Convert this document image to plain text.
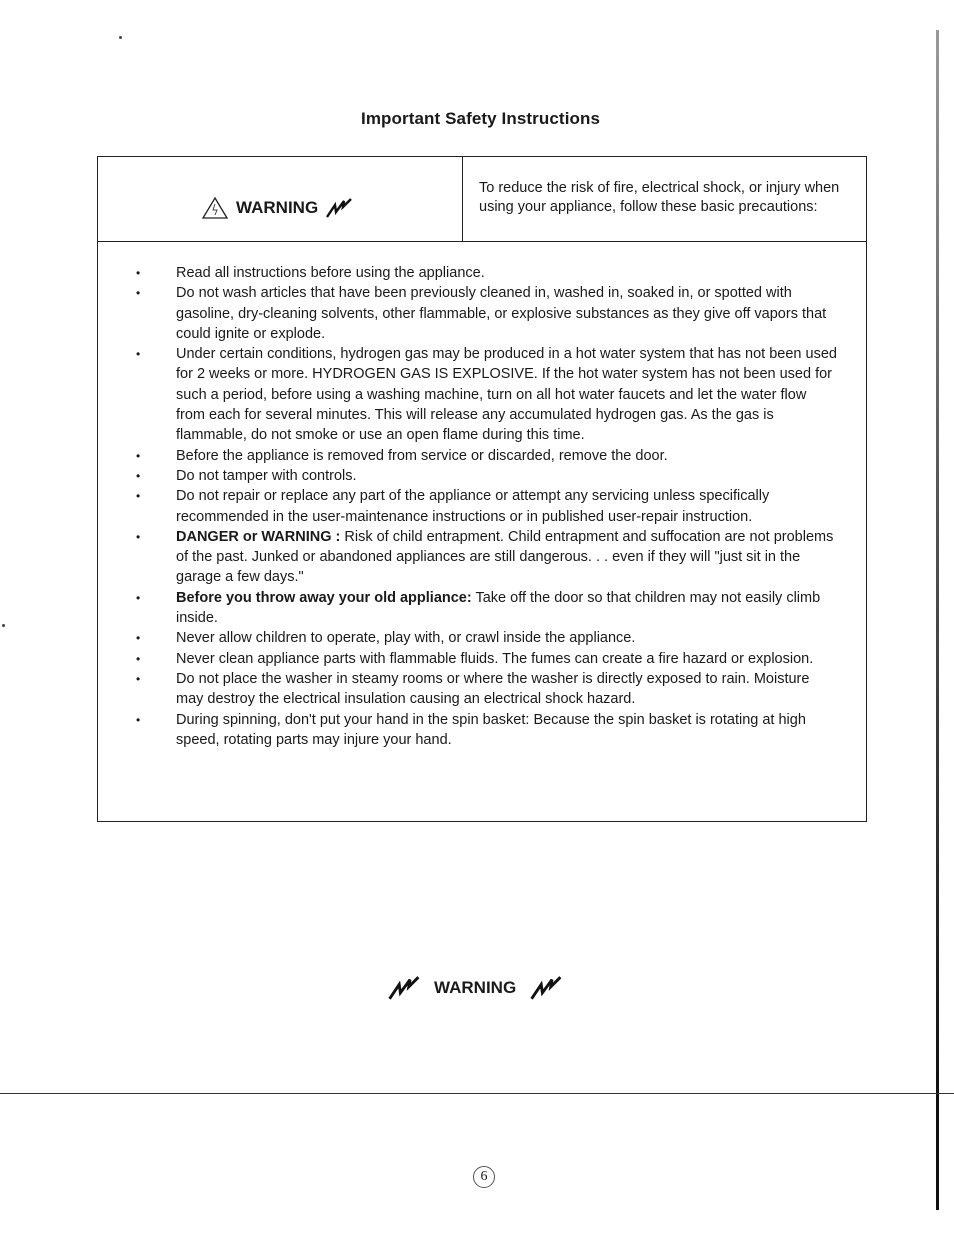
Important Safety Instructions
WARNING

To reduce the risk of fire, electrical shock, or injury when using your appliance, follow these basic precautions:

• Read all instructions before using the appliance.
• Do not wash articles that have been previously cleaned in, washed in, soaked in, or spotted with gasoline, dry-cleaning solvents, other flammable, or explosive substances as they give off vapors that could ignite or explode.
• Under certain conditions, hydrogen gas may be produced in a hot water system that has not been used for 2 weeks or more. HYDROGEN GAS IS EXPLOSIVE. If the hot water system has not been used for such a period, before using a washing machine, turn on all hot water faucets and let the water flow from each for several minutes. This will release any accumulated hydrogen gas. As the gas is flammable, do not smoke or use an open flame during this time.
• Before the appliance is removed from service or discarded, remove the door.
• Do not tamper with controls.
• Do not repair or replace any part of the appliance or attempt any servicing unless specifically recommended in the user-maintenance instructions or in published user-repair instruction.
• DANGER or WARNING : Risk of child entrapment. Child entrapment and suffocation are not problems of the past. Junked or abandoned appliances are still dangerous. . . even if they will "just sit in the garage a few days."
• Before you throw away your old appliance: Take off the door so that children may not easily climb inside.
• Never allow children to operate, play with, or crawl inside the appliance.
• Never clean appliance parts with flammable fluids. The fumes can create a fire hazard or explosion.
• Do not place the washer in steamy rooms or where the washer is directly exposed to rain. Moisture may destroy the electrical insulation causing an electrical shock hazard.
• During spinning, don't put your hand in the spin basket: Because the spin basket is rotating at high speed, rotating parts may injure your hand.
WARNING
6
